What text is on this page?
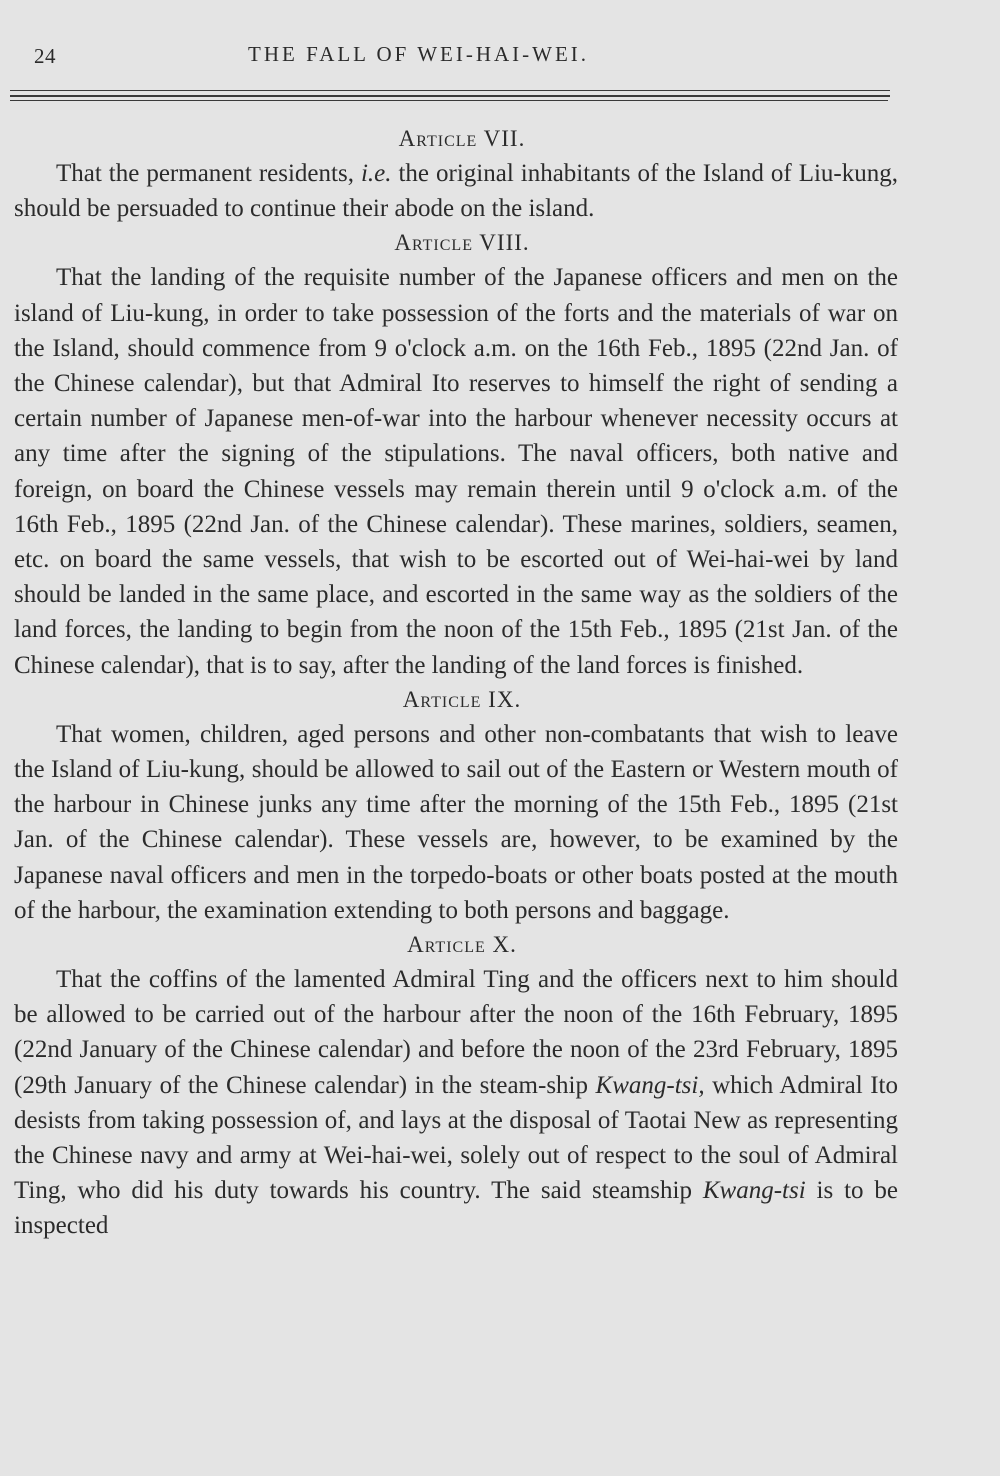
24	THE FALL OF WEI-HAI-WEI.
Article VII.

That the permanent residents, i.e. the original inhabitants of the Island of Liu-kung, should be persuaded to continue their abode on the island.

Article VIII.

That the landing of the requisite number of the Japanese officers and men on the island of Liu-kung, in order to take possession of the forts and the materials of war on the Island, should commence from 9 o'clock a.m. on the 16th Feb., 1895 (22nd Jan. of the Chinese calendar), but that Admiral Ito reserves to himself the right of sending a certain number of Japanese men-of-war into the harbour whenever necessity occurs at any time after the signing of the stipulations. The naval officers, both native and foreign, on board the Chinese vessels may remain therein until 9 o'clock a.m. of the 16th Feb., 1895 (22nd Jan. of the Chinese calendar). These marines, soldiers, seamen, etc. on board the same vessels, that wish to be escorted out of Wei-hai-wei by land should be landed in the same place, and escorted in the same way as the soldiers of the land forces, the landing to begin from the noon of the 15th Feb., 1895 (21st Jan. of the Chinese calendar), that is to say, after the landing of the land forces is finished.

Article IX.

That women, children, aged persons and other non-combatants that wish to leave the Island of Liu-kung, should be allowed to sail out of the Eastern or Western mouth of the harbour in Chinese junks any time after the morning of the 15th Feb., 1895 (21st Jan. of the Chinese calendar). These vessels are, however, to be examined by the Japanese naval officers and men in the torpedo-boats or other boats posted at the mouth of the harbour, the examination extending to both persons and baggage.

Article X.

That the coffins of the lamented Admiral Ting and the officers next to him should be allowed to be carried out of the harbour after the noon of the 16th February, 1895 (22nd January of the Chinese calendar) and before the noon of the 23rd February, 1895 (29th January of the Chinese calendar) in the steam-ship Kwang-tsi, which Admiral Ito desists from taking possession of, and lays at the disposal of Taotai New as representing the Chinese navy and army at Wei-hai-wei, solely out of respect to the soul of Admiral Ting, who did his duty towards his country. The said steamship Kwang-tsi is to be inspected
